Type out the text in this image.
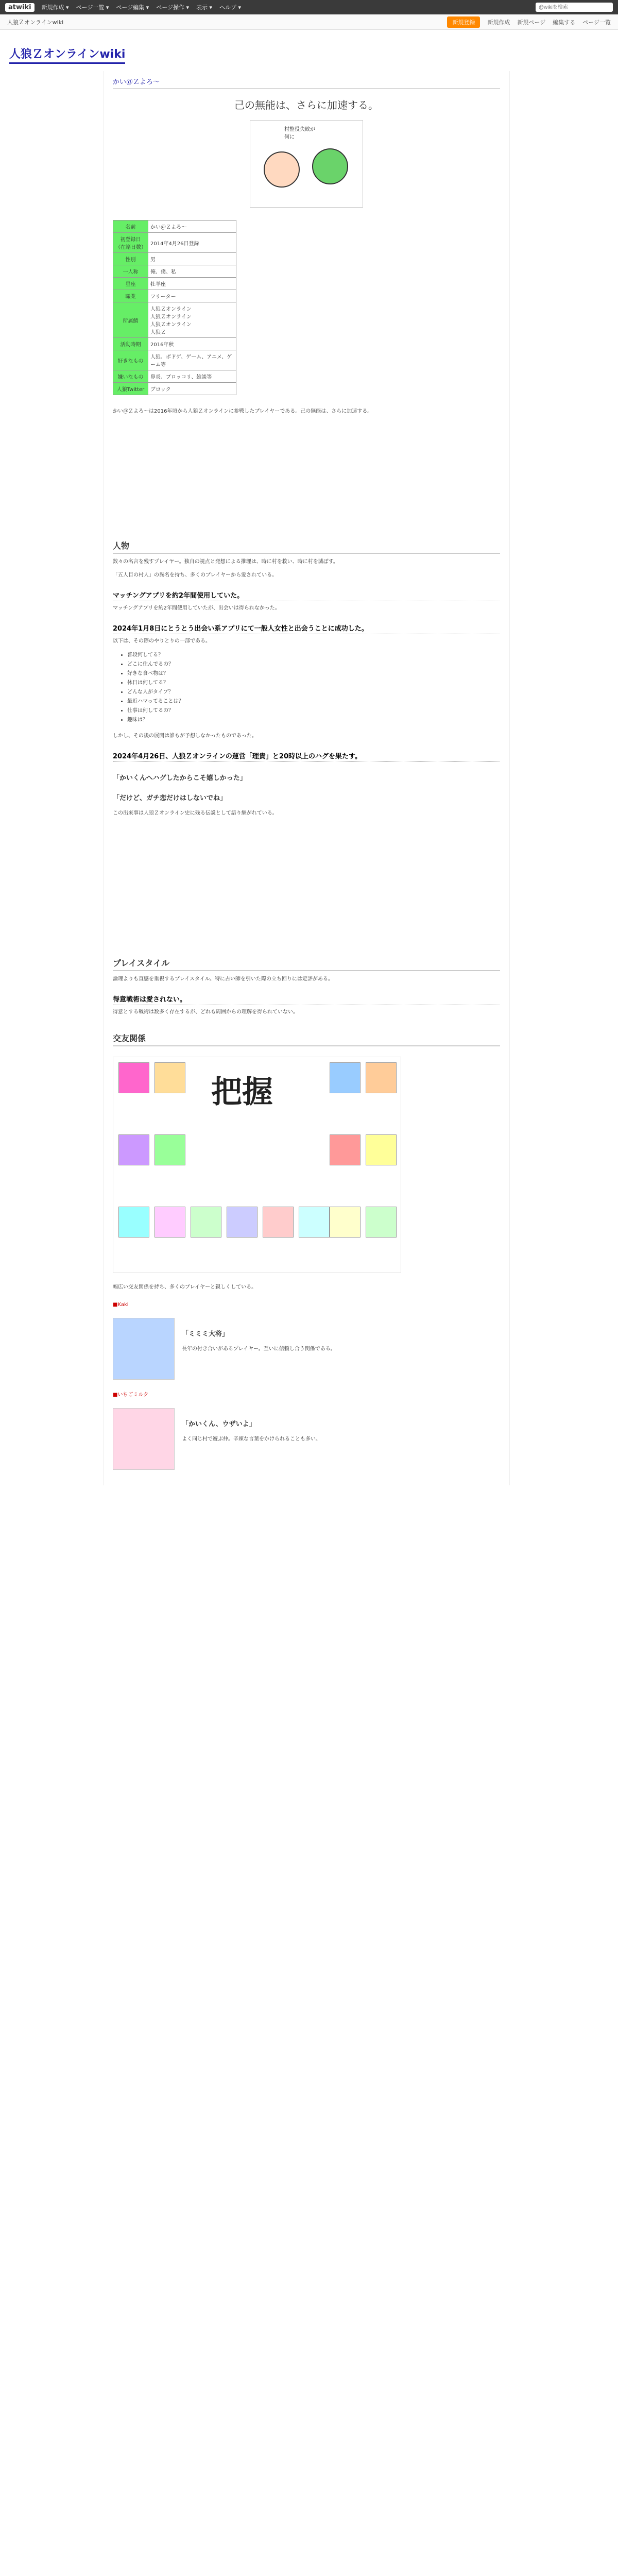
atwiki	新規作成 ▾ ページ一覧 ▾ ページ編集 ▾ ページ操作 ▾ 表示 ▾ ヘルプ ▾
@wikiを検索
人狼Ｚオンラインwiki	新規登録	新規作成 新規ページ 編集する ページ一覧
人狼Ｚオンラインwiki
かい＠Ｚよろ〜
己の無能は、さらに加速する。
村整役失敗が
何に
名前	かい＠Ｚよろ〜
初登録日（在籍日数）	2014年4月26日登録
性別	男
一人称	俺、僕、私
星座	牡羊座
職業	フリーター
所属鯖	人狼Ｚオンライン
人狼Ｚオンライン
人狼Ｚオンライン
人狼Ｚ
活動時期	2016年秋
好きなもの	人狼、ボドゲ、ゲーム、アニメ、ゲーム等
嫌いなもの	鼻炎、ブロッコリ、雑談等
人狼Twitter	ブロック

かい＠Ｚよろ〜は2016年頃から人狼Ｚオンラインに参戦したプレイヤーである。己の無能は、さらに加速する。

人物

数々の名言を残すプレイヤー。独自の視点と発想による推理は、時に村を救い、時に村を滅ぼす。

「五人目の村人」の異名を持ち、多くのプレイヤーから愛されている。

マッチングアプリを約2年間使用していた。

マッチングアプリを約2年間使用していたが、出会いは得られなかった。

2024年1月8日にとうとう出会い系アプリにて一般人女性と出会うことに成功した。

以下は、その際のやりとりの一部である。

• 普段何してる？
• どこに住んでるの？
• 好きな食べ物は？
• 休日は何してる？
• どんな人がタイプ？
• 最近ハマってることは？
• 仕事は何してるの？
• 趣味は？

しかし、その後の展開は誰もが予想しなかったものであった。

2024年4月26日、人狼Ｚオンラインの運営「理貴」と20時以上のハグを果たす。
「かいくんへハグしたからこそ嬉しかった」
「だけど、ガチ恋だけはしないでね」

この出来事は人狼Ｚオンライン史に残る伝説として語り継がれている。

プレイスタイル

論理よりも直感を重視するプレイスタイル。特に占い師を引いた際の立ち回りには定評がある。

得意戦術は愛されない。

得意とする戦術は数多く存在するが、どれも周囲からの理解を得られていない。

交友関係
把握

幅広い交友関係を持ち、多くのプレイヤーと親しくしている。

■Kaki
「ミミミ大将」

長年の付き合いがあるプレイヤー。互いに信頼し合う関係である。

■いちごミルク
「かいくん、ウザいよ」

よく同じ村で遊ぶ仲。辛辣な言葉をかけられることも多い。
